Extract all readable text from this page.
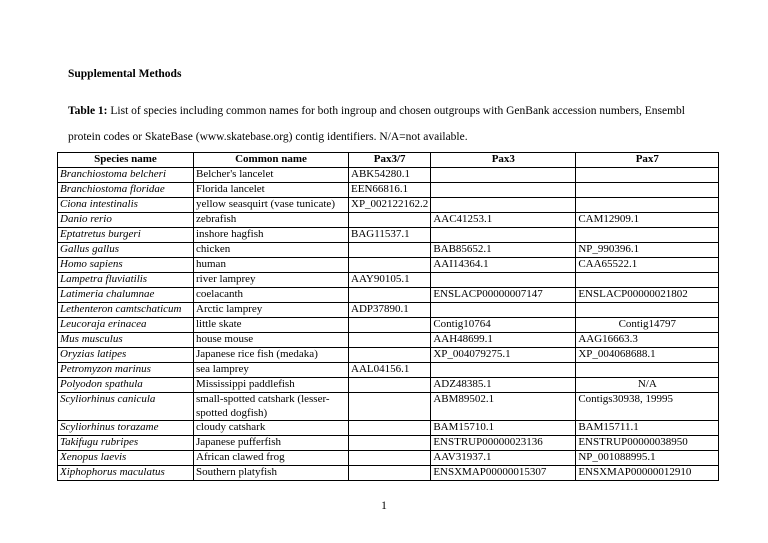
Supplemental Methods
Table 1: List of species including common names for both ingroup and chosen outgroups with GenBank accession numbers, Ensembl protein codes or SkateBase (www.skatebase.org) contig identifiers. N/A=not available.
Species name	Common name	Pax3/7	Pax3	Pax7
Branchiostoma belcheri	Belcher's lancelet	ABK54280.1		
Branchiostoma floridae	Florida lancelet	EEN66816.1		
Ciona intestinalis	yellow seasquirt (vase tunicate)	XP_002122162.2		
Danio rerio	zebrafish		AAC41253.1	CAM12909.1
Eptatretus burgeri	inshore hagfish	BAG11537.1		
Gallus gallus	chicken		BAB85652.1	NP_990396.1
Homo sapiens	human		AAI14364.1	CAA65522.1
Lampetra fluviatilis	river lamprey	AAY90105.1		
Latimeria chalumnae	coelacanth		ENSLACP00000007147	ENSLACP00000021802
Lethenteron camtschaticum	Arctic lamprey	ADP37890.1		
Leucoraja erinacea	little skate		Contig10764	Contig14797
Mus musculus	house mouse		AAH48699.1	AAG16663.3
Oryzias latipes	Japanese rice fish (medaka)		XP_004079275.1	XP_004068688.1
Petromyzon marinus	sea lamprey	AAL04156.1		
Polyodon spathula	Mississippi paddlefish		ADZ48385.1	N/A
Scyliorhinus canicula	small-spotted catshark (lesser-spotted dogfish)		ABM89502.1	Contigs30938, 19995
Scyliorhinus torazame	cloudy catshark		BAM15710.1	BAM15711.1
Takifugu rubripes	Japanese pufferfish		ENSTRUP00000023136	ENSTRUP00000038950
Xenopus laevis	African clawed frog		AAV31937.1	NP_001088995.1
Xiphophorus maculatus	Southern platyfish		ENSXMAP00000015307	ENSXMAP00000012910
1
